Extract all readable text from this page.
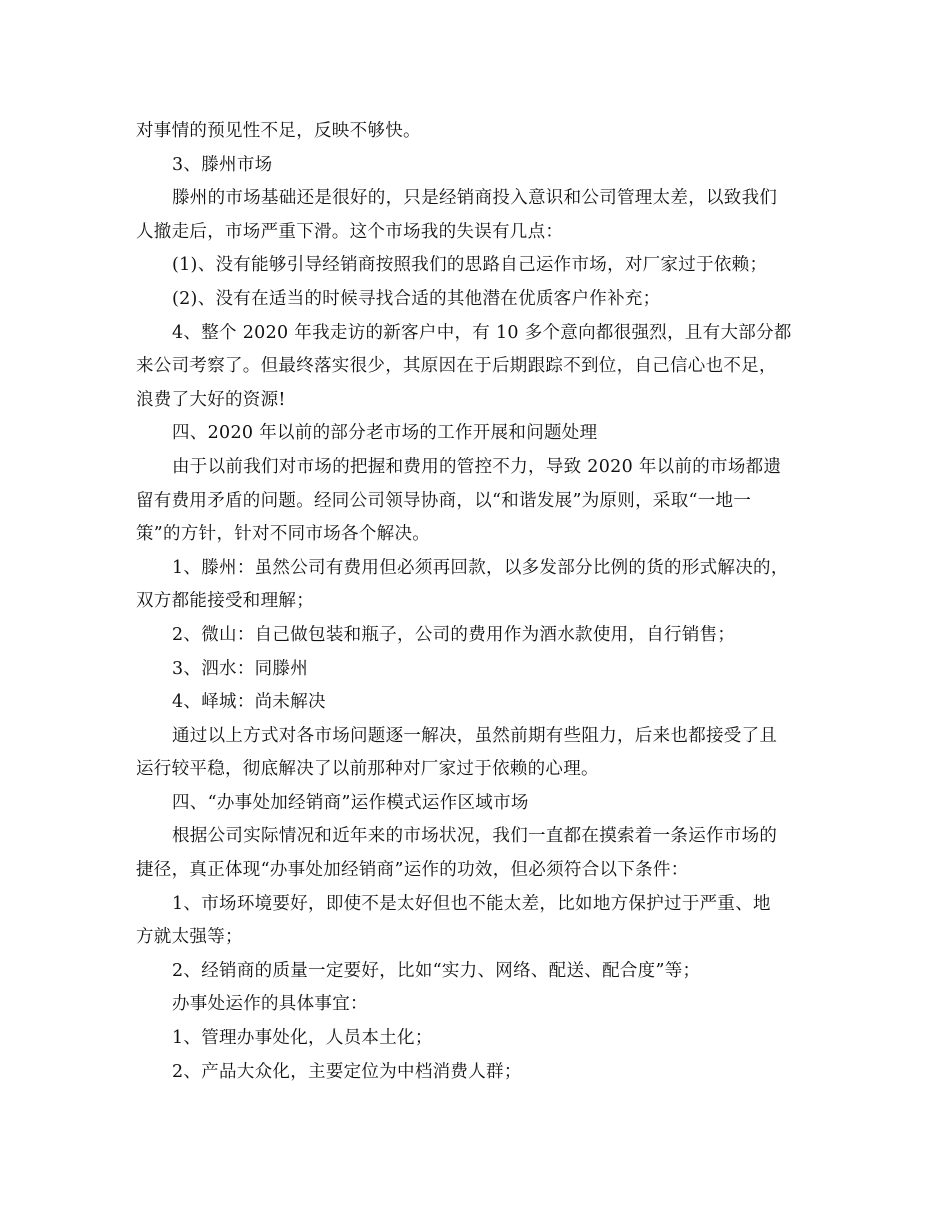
对事情的预见性不足，反映不够快。
3、滕州市场
滕州的市场基础还是很好的，只是经销商投入意识和公司管理太差，以致我们
人撤走后，市场严重下滑。这个市场我的失误有几点：
(1)、没有能够引导经销商按照我们的思路自己运作市场，对厂家过于依赖；
(2)、没有在适当的时候寻找合适的其他潜在优质客户作补充；
4、整个 2020 年我走访的新客户中，有 10 多个意向都很强烈，且有大部分都
来公司考察了。但最终落实很少，其原因在于后期跟踪不到位，自己信心也不足，
浪费了大好的资源!
四、2020 年以前的部分老市场的工作开展和问题处理
由于以前我们对市场的把握和费用的管控不力，导致 2020 年以前的市场都遗
留有费用矛盾的问题。经同公司领导协商，以“和谐发展”为原则，采取“一地一
策”的方针，针对不同市场各个解决。
1、滕州：虽然公司有费用但必须再回款，以多发部分比例的货的形式解决的，
双方都能接受和理解；
2、微山：自己做包装和瓶子，公司的费用作为酒水款使用，自行销售；
3、泗水：同滕州
4、峄城：尚未解决
通过以上方式对各市场问题逐一解决，虽然前期有些阻力，后来也都接受了且
运行较平稳，彻底解决了以前那种对厂家过于依赖的心理。
四、“办事处加经销商”运作模式运作区域市场
根据公司实际情况和近年来的市场状况，我们一直都在摸索着一条运作市场的
捷径，真正体现“办事处加经销商”运作的功效，但必须符合以下条件：
1、市场环境要好，即使不是太好但也不能太差，比如地方保护过于严重、地
方就太强等；
2、经销商的质量一定要好，比如“实力、网络、配送、配合度”等；
办事处运作的具体事宜：
1、管理办事处化，人员本土化；
2、产品大众化，主要定位为中档消费人群；
